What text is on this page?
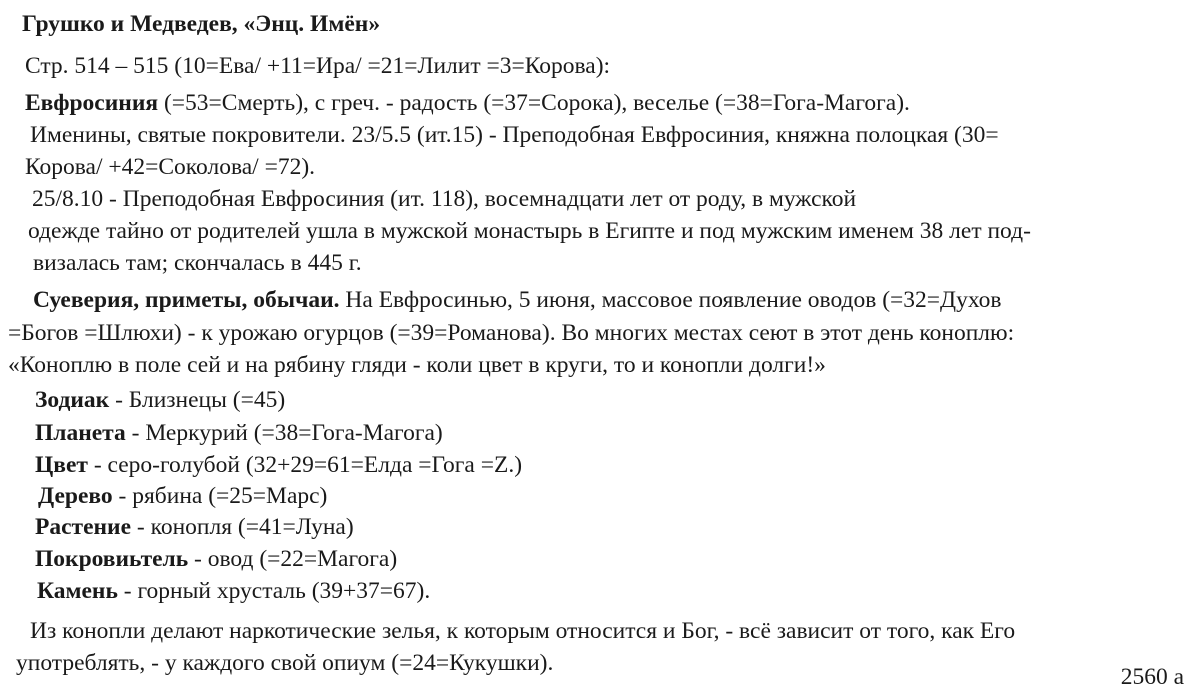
Грушко и Медведев, «Энц. Имён»
Стр. 514 – 515 (10=Ева/ +11=Ира/ =21=Лилит =3=Корова):
Евфросиния (=53=Смерть), с греч. - радость (=37=Сорока), веселье (=38=Гога-Магога).
Именины, святые покровители. 23/5.5 (ит.15) - Преподобная Евфросиния, княжна полоцкая (30=
Корова/ +42=Соколова/ =72).
25/8.10 - Преподобная Евфросиния (ит. 118), восемнадцати лет от роду, в мужской
одежде тайно от родителей ушла в мужской монастырь в Египте и под мужским именем 38 лет под-
визалась там; скончалась в 445 г.
Суеверия, приметы, обычаи. На Евфросинью, 5 июня, массовое появление оводов (=32=Духов
=Богов =Шлюхи) - к урожаю огурцов (=39=Романова). Во многих местах сеют в этот день коноплю:
«Коноплю в поле сей и на рябину гляди - коли цвет в круги, то и конопли долги!»
Зодиак - Близнецы (=45)
Планета - Меркурий (=38=Гога-Магога)
Цвет - серо-голубой (32+29=61=Елда =Гога =Z.)
Дерево - рябина (=25=Марс)
Растение - конопля (=41=Луна)
Покровиьтель - овод (=22=Магога)
Камень - горный хрусталь (39+37=67).
Из конопли делают наркотические зелья, к которым относится и Бог, - всё зависит от того, как Его
употреблять, - у каждого свой опиум (=24=Кукушки).
2560 а
